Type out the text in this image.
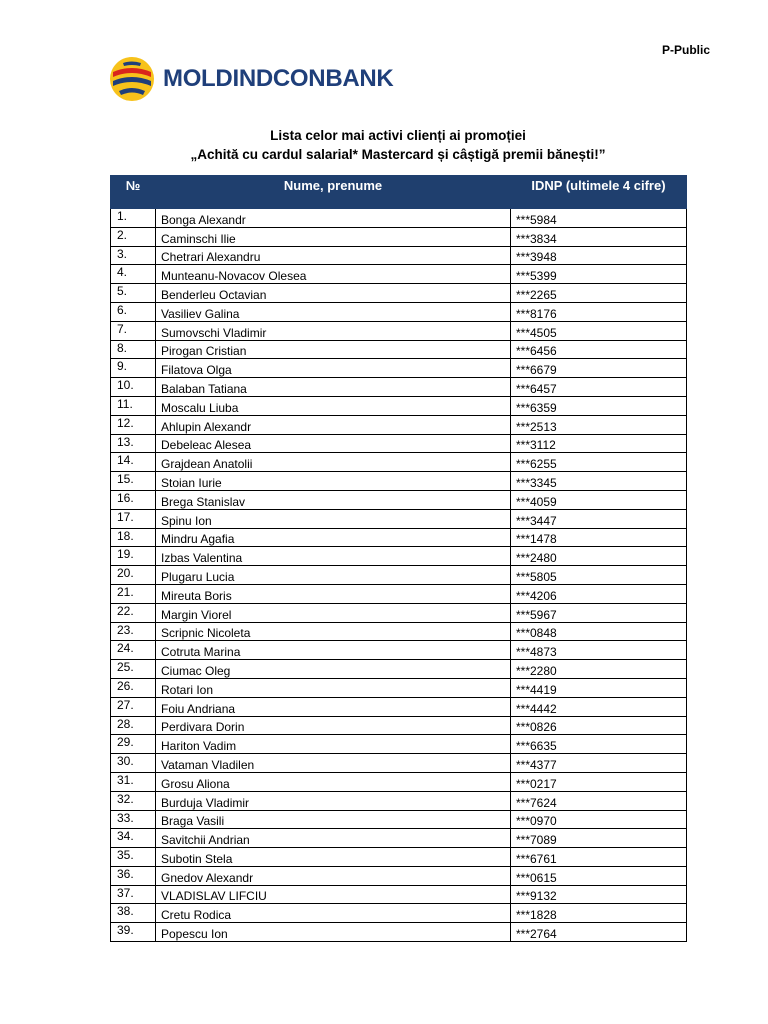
P-Public
MOLDINDCONBANK
Lista celor mai activi clienți ai promoției
„Achită cu cardul salarial* Mastercard și câștigă premii bănești!”
№	Nume, prenume	IDNP (ultimele 4 cifre)
1.	Bonga Alexandr	***5984
2.	Caminschi Ilie	***3834
3.	Chetrari Alexandru	***3948
4.	Munteanu-Novacov Olesea	***5399
5.	Benderleu Octavian	***2265
6.	Vasiliev Galina	***8176
7.	Sumovschi Vladimir	***4505
8.	Pirogan Cristian	***6456
9.	Filatova Olga	***6679
10.	Balaban Tatiana	***6457
11.	Moscalu Liuba	***6359
12.	Ahlupin Alexandr	***2513
13.	Debeleac Alesea	***3112
14.	Grajdean Anatolii	***6255
15.	Stoian Iurie	***3345
16.	Brega Stanislav	***4059
17.	Spinu Ion	***3447
18.	Mindru Agafia	***1478
19.	Izbas Valentina	***2480
20.	Plugaru Lucia	***5805
21.	Mireuta Boris	***4206
22.	Margin Viorel	***5967
23.	Scripnic Nicoleta	***0848
24.	Cotruta Marina	***4873
25.	Ciumac Oleg	***2280
26.	Rotari Ion	***4419
27.	Foiu Andriana	***4442
28.	Perdivara Dorin	***0826
29.	Hariton Vadim	***6635
30.	Vataman Vladilen	***4377
31.	Grosu Aliona	***0217
32.	Burduja Vladimir	***7624
33.	Braga Vasili	***0970
34.	Savitchii Andrian	***7089
35.	Subotin Stela	***6761
36.	Gnedov Alexandr	***0615
37.	VLADISLAV LIFCIU	***9132
38.	Cretu Rodica	***1828
39.	Popescu Ion	***2764
